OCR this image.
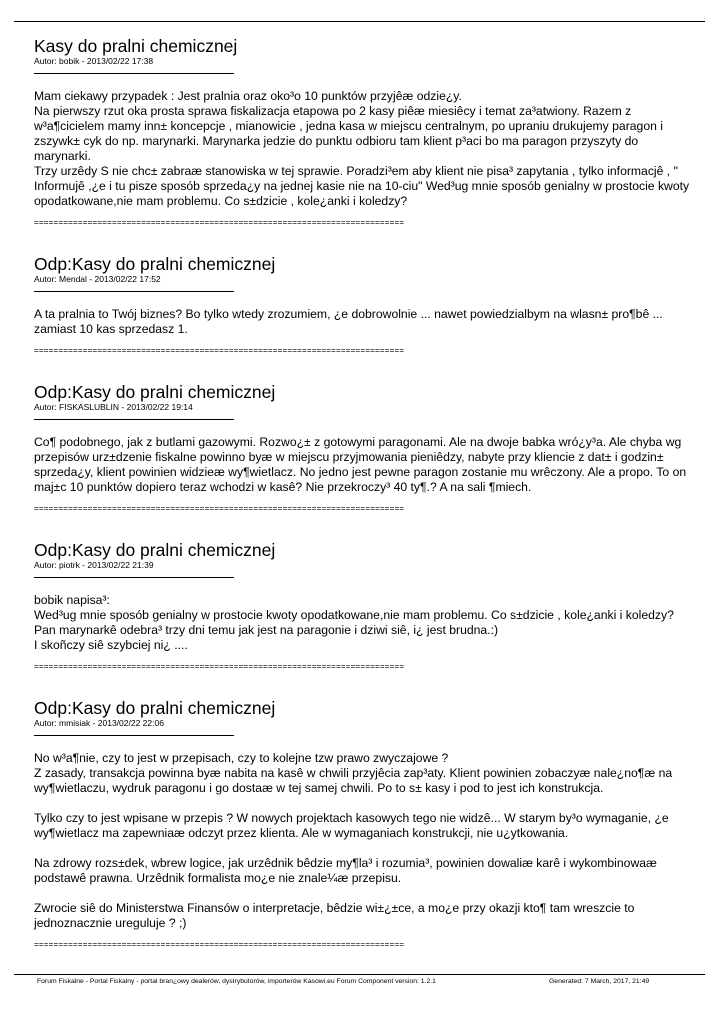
Kasy do pralni chemicznej
Autor: bobik - 2013/02/22 17:38

Mam ciekawy przypadek : Jest pralnia oraz oko³o 10 punktów przyjêæ odzie¿y.

Na pierwszy rzut oka prosta sprawa fiskalizacja etapowa po 2 kasy piêæ miesiêcy i temat za³atwiony. Razem z w³a¶cicielem mamy inn± koncepcje , mianowicie , jedna kasa w miejscu centralnym, po upraniu drukujemy paragon i zszywk± cyk do np. marynarki. Marynarka jedzie do punktu odbioru tam klient p³aci bo ma paragon przyszyty do marynarki.

Trzy urzêdy S nie chc± zabraæ stanowiska w tej sprawie. Poradzi³em aby klient nie pisa³ zapytania , tylko informacjê , " Informujê ,¿e i tu pisze sposób sprzeda¿y na jednej kasie nie na 10-ciu" Wed³ug mnie sposób genialny w prostocie kwoty opodatkowane,nie mam problemu. Co s±dzicie , kole¿anki i koledzy?

============================================================================
Odp:Kasy do pralni chemicznej
Autor: Mendal - 2013/02/22 17:52

A ta pralnia to Twój biznes? Bo tylko wtedy zrozumiem, ¿e dobrowolnie ... nawet powiedzialbym na wlasn± pro¶bê ... zamiast 10 kas sprzedasz 1.

============================================================================
Odp:Kasy do pralni chemicznej
Autor: FISKASLUBLIN - 2013/02/22 19:14

Co¶ podobnego, jak z butlami gazowymi. Rozwo¿± z gotowymi paragonami. Ale na dwoje babka wró¿y³a. Ale chyba wg przepisów urz±dzenie fiskalne powinno byæ w miejscu przyjmowania pieniêdzy, nabyte przy kliencie z dat± i godzin± sprzeda¿y, klient powinien widzieæ wy¶wietlacz. No jedno jest pewne paragon zostanie mu wrêczony. Ale a propo. To on maj±c 10 punktów dopiero teraz wchodzi w kasê? Nie przekroczy³ 40 ty¶.? A na sali ¶miech.

============================================================================
Odp:Kasy do pralni chemicznej
Autor: piotrk - 2013/02/22 21:39

bobik napisa³:

Wed³ug mnie sposób genialny w prostocie kwoty opodatkowane,nie mam problemu. Co s±dzicie , kole¿anki i koledzy?Pan marynarkê odebra³ trzy dni temu jak jest na paragonie i dziwi siê, i¿ jest brudna.:)

I skoñczy siê szybciej ni¿ ....

============================================================================
Odp:Kasy do pralni chemicznej
Autor: mmisiak - 2013/02/22 22:06

No w³a¶nie, czy to jest w przepisach, czy to kolejne tzw prawo zwyczajowe ?

Z zasady, transakcja powinna byæ nabita na kasê w chwili przyjêcia zap³aty. Klient powinien zobaczyæ nale¿no¶æ na wy¶wietlaczu, wydruk paragonu i go dostaæ w tej samej chwili. Po to s± kasy i pod to jest ich konstrukcja.

Tylko czy to jest wpisane w przepis ? W nowych projektach kasowych tego nie widzê... W starym by³o wymaganie, ¿e wy¶wietlacz ma zapewniaæ odczyt przez klienta. Ale w wymaganiach konstrukcji, nie u¿ytkowania.

Na zdrowy rozs±dek, wbrew logice, jak urzêdnik bêdzie my¶la³ i rozumia³, powinien dowaliæ karê i wykombinowaæ podstawê prawna. Urzêdnik formalista mo¿e nie znale¼æ przepisu.

Zwrocie siê do Ministerstwa Finansów o interpretacje, bêdzie wi±¿±ce, a mo¿e przy okazji kto¶ tam wreszcie to jednoznacznie ureguluje ? ;)

============================================================================
Forum Fiskalne - Portal Fiskalny - portal bran¿owy dealerów, dystrybutorów, importerów Kasowi.eu Forum Component version: 1.2.1	Generated: 7 March, 2017, 21:49
